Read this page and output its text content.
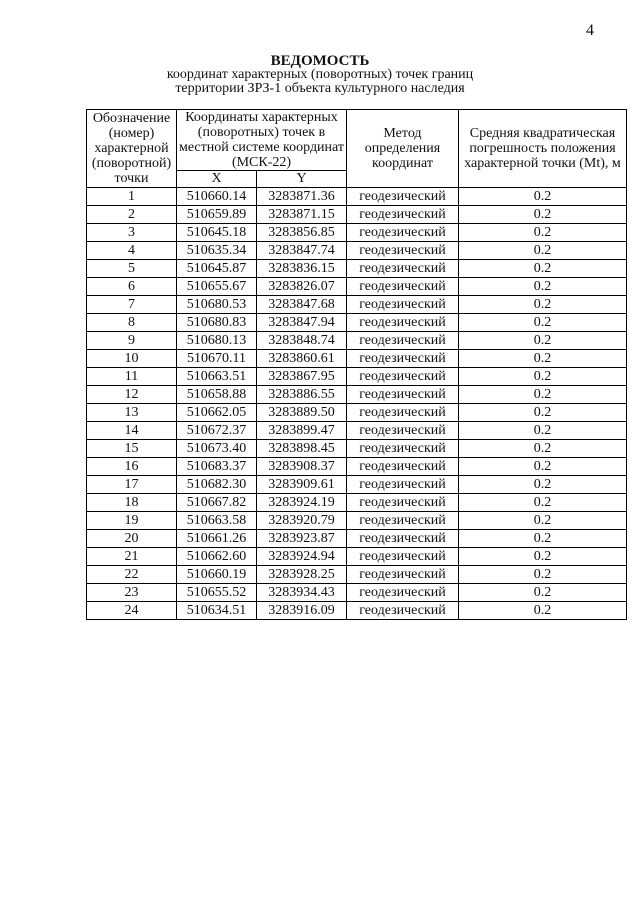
4
ВЕДОМОСТЬ
координат характерных (поворотных) точек границ
территории ЗРЗ-1 объекта культурного наследия
Обозначение (номер) характерной (поворотной) точки	Координаты характерных (поворотных) точек в местной системе координат (МСК-22)		Метод определения координат	Средняя квадратическая погрешность положения характерной точки (Mt), м
	X	Y		
1	510660.14	3283871.36	геодезический	0.2
2	510659.89	3283871.15	геодезический	0.2
3	510645.18	3283856.85	геодезический	0.2
4	510635.34	3283847.74	геодезический	0.2
5	510645.87	3283836.15	геодезический	0.2
6	510655.67	3283826.07	геодезический	0.2
7	510680.53	3283847.68	геодезический	0.2
8	510680.83	3283847.94	геодезический	0.2
9	510680.13	3283848.74	геодезический	0.2
10	510670.11	3283860.61	геодезический	0.2
11	510663.51	3283867.95	геодезический	0.2
12	510658.88	3283886.55	геодезический	0.2
13	510662.05	3283889.50	геодезический	0.2
14	510672.37	3283899.47	геодезический	0.2
15	510673.40	3283898.45	геодезический	0.2
16	510683.37	3283908.37	геодезический	0.2
17	510682.30	3283909.61	геодезический	0.2
18	510667.82	3283924.19	геодезический	0.2
19	510663.58	3283920.79	геодезический	0.2
20	510661.26	3283923.87	геодезический	0.2
21	510662.60	3283924.94	геодезический	0.2
22	510660.19	3283928.25	геодезический	0.2
23	510655.52	3283934.43	геодезический	0.2
24	510634.51	3283916.09	геодезический	0.2
